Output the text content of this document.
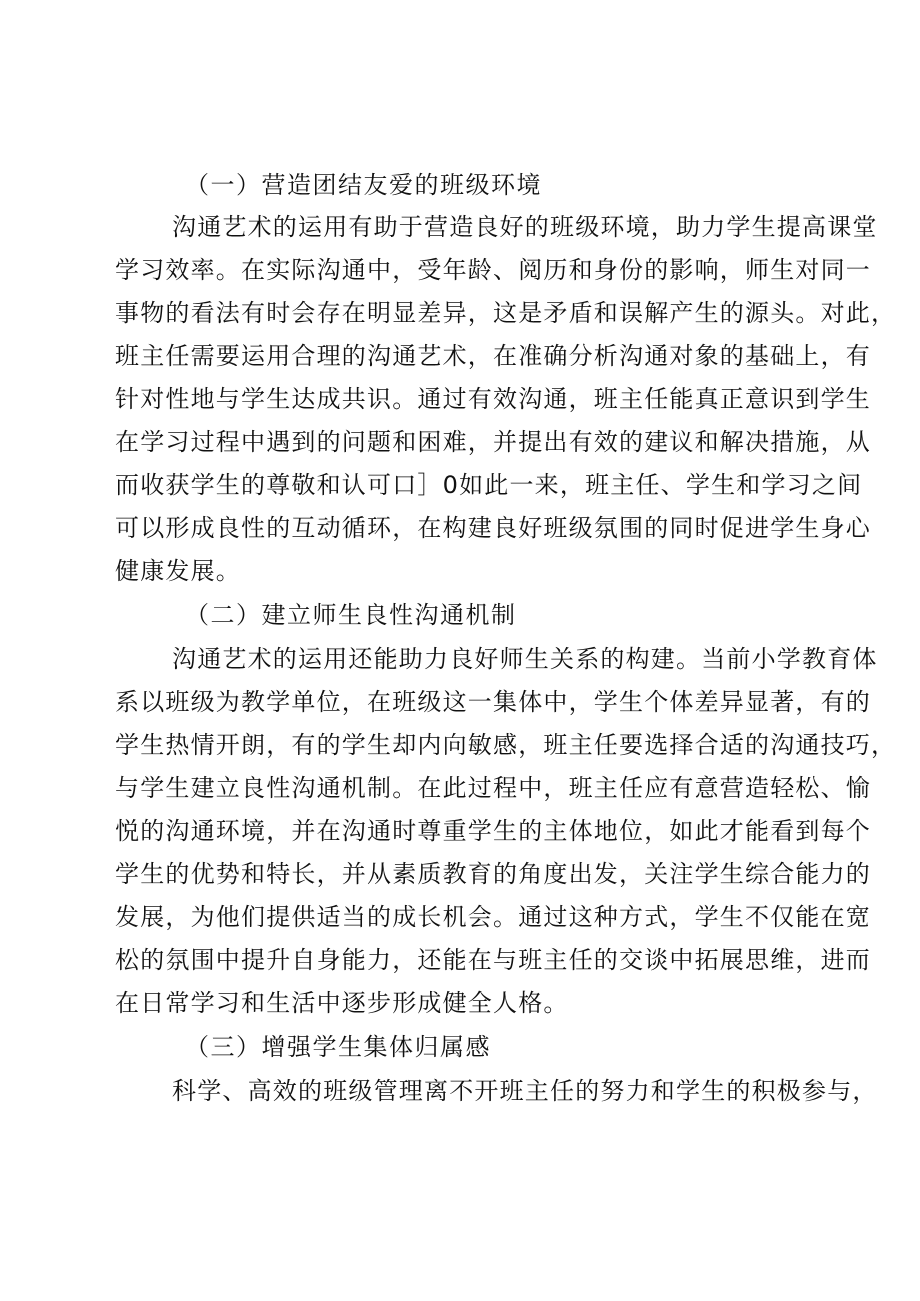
（一）营造团结友爱的班级环境
沟通艺术的运用有助于营造良好的班级环境，助力学生提高课堂
学习效率。在实际沟通中，受年龄、阅历和身份的影响，师生对同一
事物的看法有时会存在明显差异，这是矛盾和误解产生的源头。对此，
班主任需要运用合理的沟通艺术，在准确分析沟通对象的基础上，有
针对性地与学生达成共识。通过有效沟通，班主任能真正意识到学生
在学习过程中遇到的问题和困难，并提出有效的建议和解决措施，从
而收获学生的尊敬和认可口］0如此一来，班主任、学生和学习之间
可以形成良性的互动循环，在构建良好班级氛围的同时促进学生身心
健康发展。
（二）建立师生良性沟通机制
沟通艺术的运用还能助力良好师生关系的构建。当前小学教育体
系以班级为教学单位，在班级这一集体中，学生个体差异显著，有的
学生热情开朗，有的学生却内向敏感，班主任要选择合适的沟通技巧，
与学生建立良性沟通机制。在此过程中，班主任应有意营造轻松、愉
悦的沟通环境，并在沟通时尊重学生的主体地位，如此才能看到每个
学生的优势和特长，并从素质教育的角度出发，关注学生综合能力的
发展，为他们提供适当的成长机会。通过这种方式，学生不仅能在宽
松的氛围中提升自身能力，还能在与班主任的交谈中拓展思维，进而
在日常学习和生活中逐步形成健全人格。
（三）增强学生集体归属感
科学、高效的班级管理离不开班主任的努力和学生的积极参与，
